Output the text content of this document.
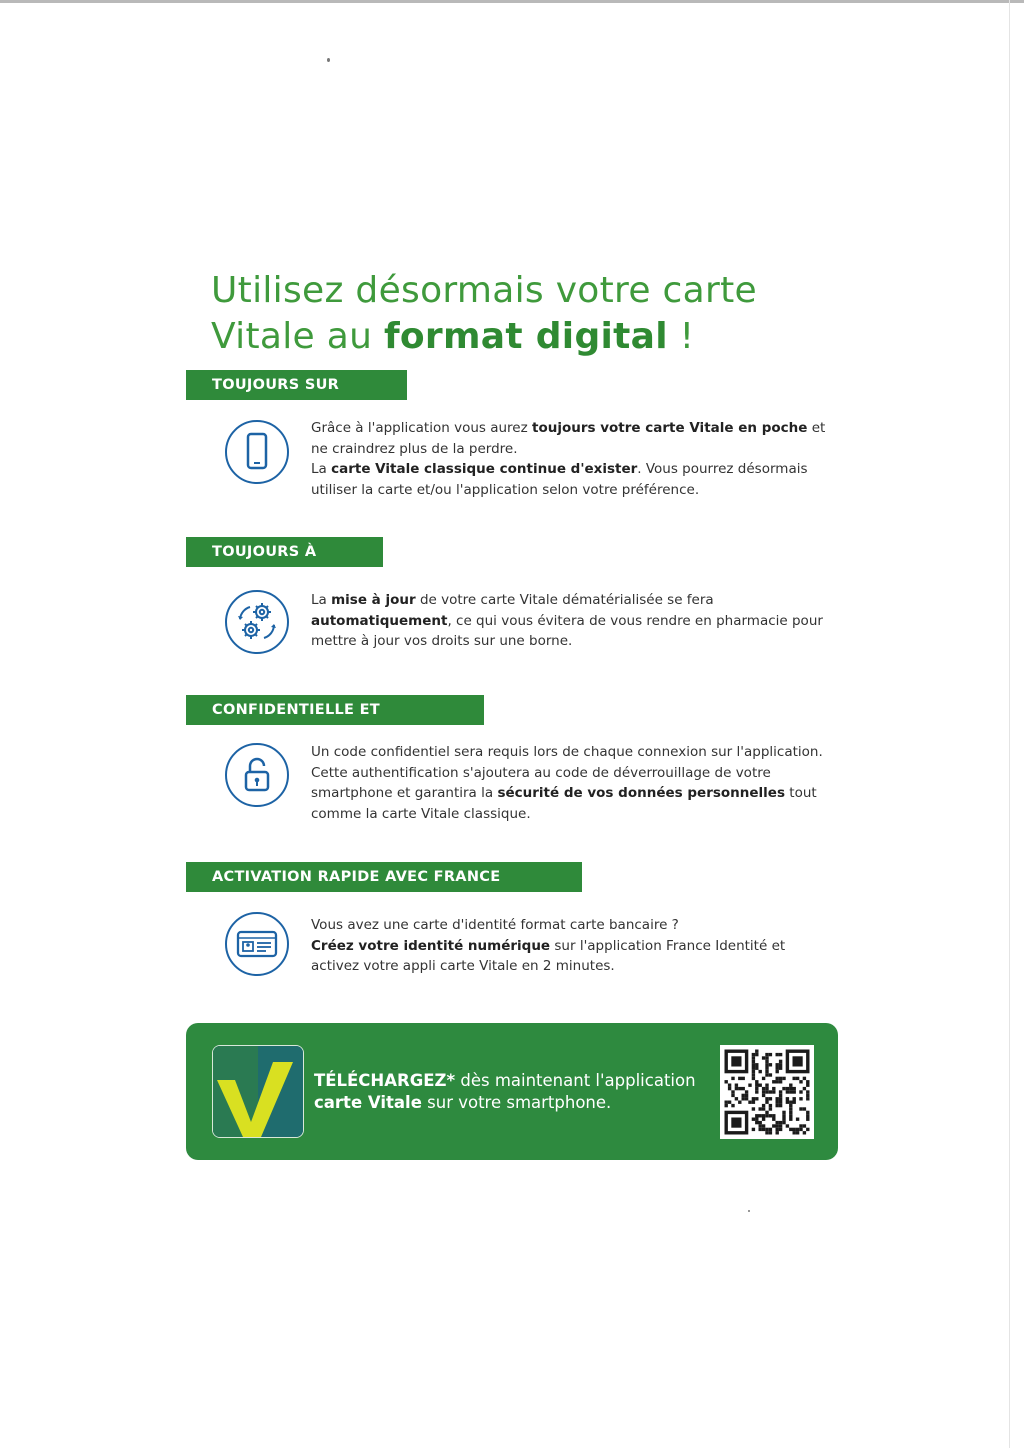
Utilisez désormais votre carte
Vitale au format digital !
TOUJOURS SUR VOUS
Grâce à l'application vous aurez toujours votre carte Vitale en poche et ne craindrez plus de la perdre.
La carte Vitale classique continue d'exister. Vous pourrez désormais utiliser la carte et/ou l'application selon votre préférence.
TOUJOURS À JOUR
La mise à jour de votre carte Vitale dématérialisée se fera automatiquement, ce qui vous évitera de vous rendre en pharmacie pour mettre à jour vos droits sur une borne.
CONFIDENTIELLE ET SÉCURISÉE
Un code confidentiel sera requis lors de chaque connexion sur l'application. Cette authentification s'ajoutera au code de déverrouillage de votre smartphone et garantira la sécurité de vos données personnelles tout comme la carte Vitale classique.
ACTIVATION RAPIDE AVEC FRANCE IDENTITÉ
Vous avez une carte d'identité format carte bancaire ?
Créez votre identité numérique sur l'application France Identité et activez votre appli carte Vitale en 2 minutes.
TÉLÉCHARGEZ* dès maintenant l'application
carte Vitale sur votre smartphone.
